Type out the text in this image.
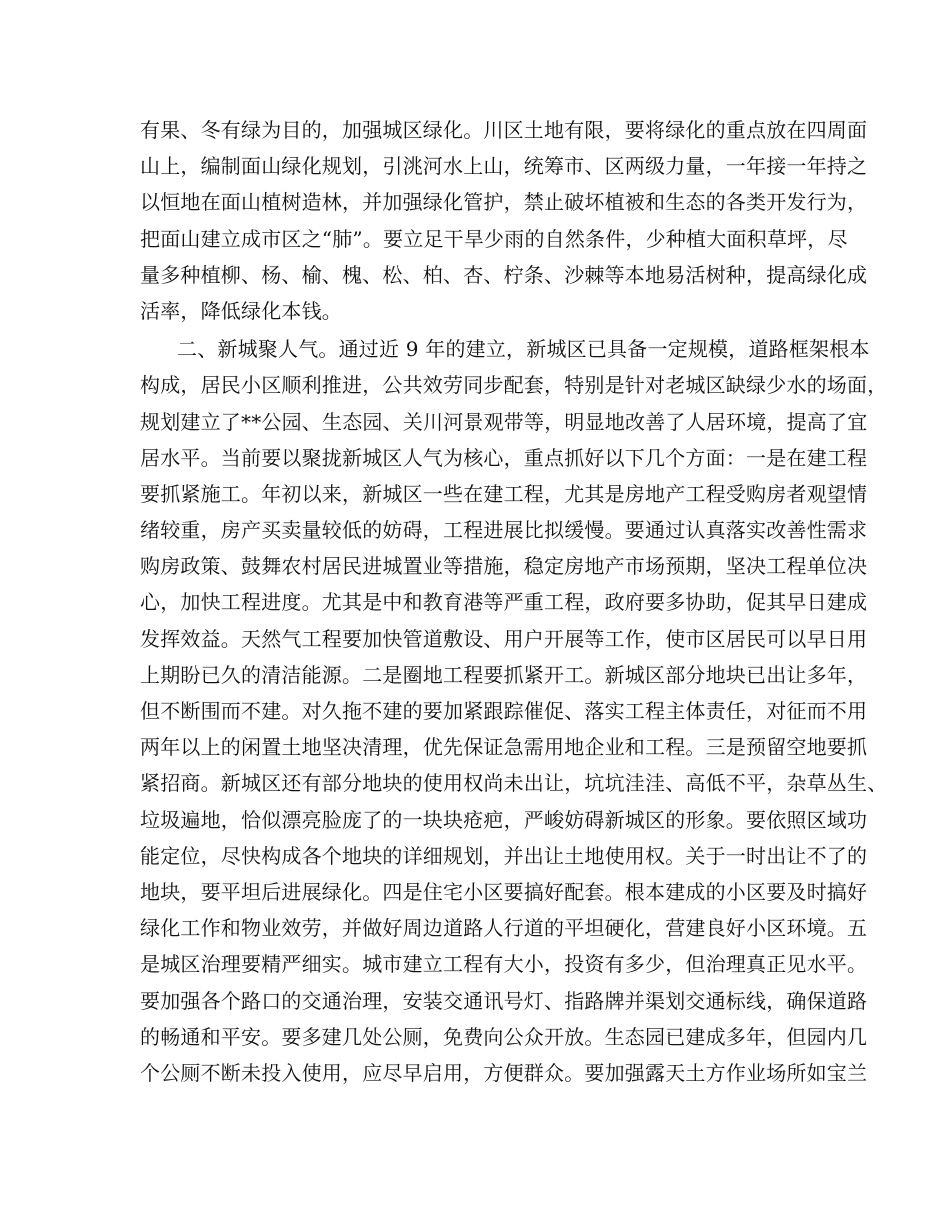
有果、冬有绿为目的，加强城区绿化。川区土地有限，要将绿化的重点放在四周面
山上，编制面山绿化规划，引洮河水上山，统筹市、区两级力量，一年接一年持之
以恒地在面山植树造林，并加强绿化管护，禁止破坏植被和生态的各类开发行为，
把面山建立成市区之“肺”。要立足干旱少雨的自然条件，少种植大面积草坪，尽
量多种植柳、杨、榆、槐、松、柏、杏、柠条、沙棘等本地易活树种，提高绿化成
活率，降低绿化本钱。
二、新城聚人气。通过近 9 年的建立，新城区已具备一定规模，道路框架根本
构成，居民小区顺利推进，公共效劳同步配套，特别是针对老城区缺绿少水的场面，
规划建立了**公园、生态园、关川河景观带等，明显地改善了人居环境，提高了宜
居水平。当前要以聚拢新城区人气为核心，重点抓好以下几个方面：一是在建工程
要抓紧施工。年初以来，新城区一些在建工程，尤其是房地产工程受购房者观望情
绪较重，房产买卖量较低的妨碍，工程进展比拟缓慢。要通过认真落实改善性需求
购房政策、鼓舞农村居民进城置业等措施，稳定房地产市场预期，坚决工程单位决
心，加快工程进度。尤其是中和教育港等严重工程，政府要多协助，促其早日建成
发挥效益。天然气工程要加快管道敷设、用户开展等工作，使市区居民可以早日用
上期盼已久的清洁能源。二是圈地工程要抓紧开工。新城区部分地块已出让多年，
但不断围而不建。对久拖不建的要加紧跟踪催促、落实工程主体责任，对征而不用
两年以上的闲置土地坚决清理，优先保证急需用地企业和工程。三是预留空地要抓
紧招商。新城区还有部分地块的使用权尚未出让，坑坑洼洼、高低不平，杂草丛生、
垃圾遍地，恰似漂亮脸庞了的一块块疮疤，严峻妨碍新城区的形象。要依照区域功
能定位，尽快构成各个地块的详细规划，并出让土地使用权。关于一时出让不了的
地块，要平坦后进展绿化。四是住宅小区要搞好配套。根本建成的小区要及时搞好
绿化工作和物业效劳，并做好周边道路人行道的平坦硬化，营建良好小区环境。五
是城区治理要精严细实。城市建立工程有大小，投资有多少，但治理真正见水平。
要加强各个路口的交通治理，安装交通讯号灯、指路牌并渠划交通标线，确保道路
的畅通和平安。要多建几处公厕，免费向公众开放。生态园已建成多年，但园内几
个公厕不断未投入使用，应尽早启用，方便群众。要加强露天土方作业场所如宝兰
